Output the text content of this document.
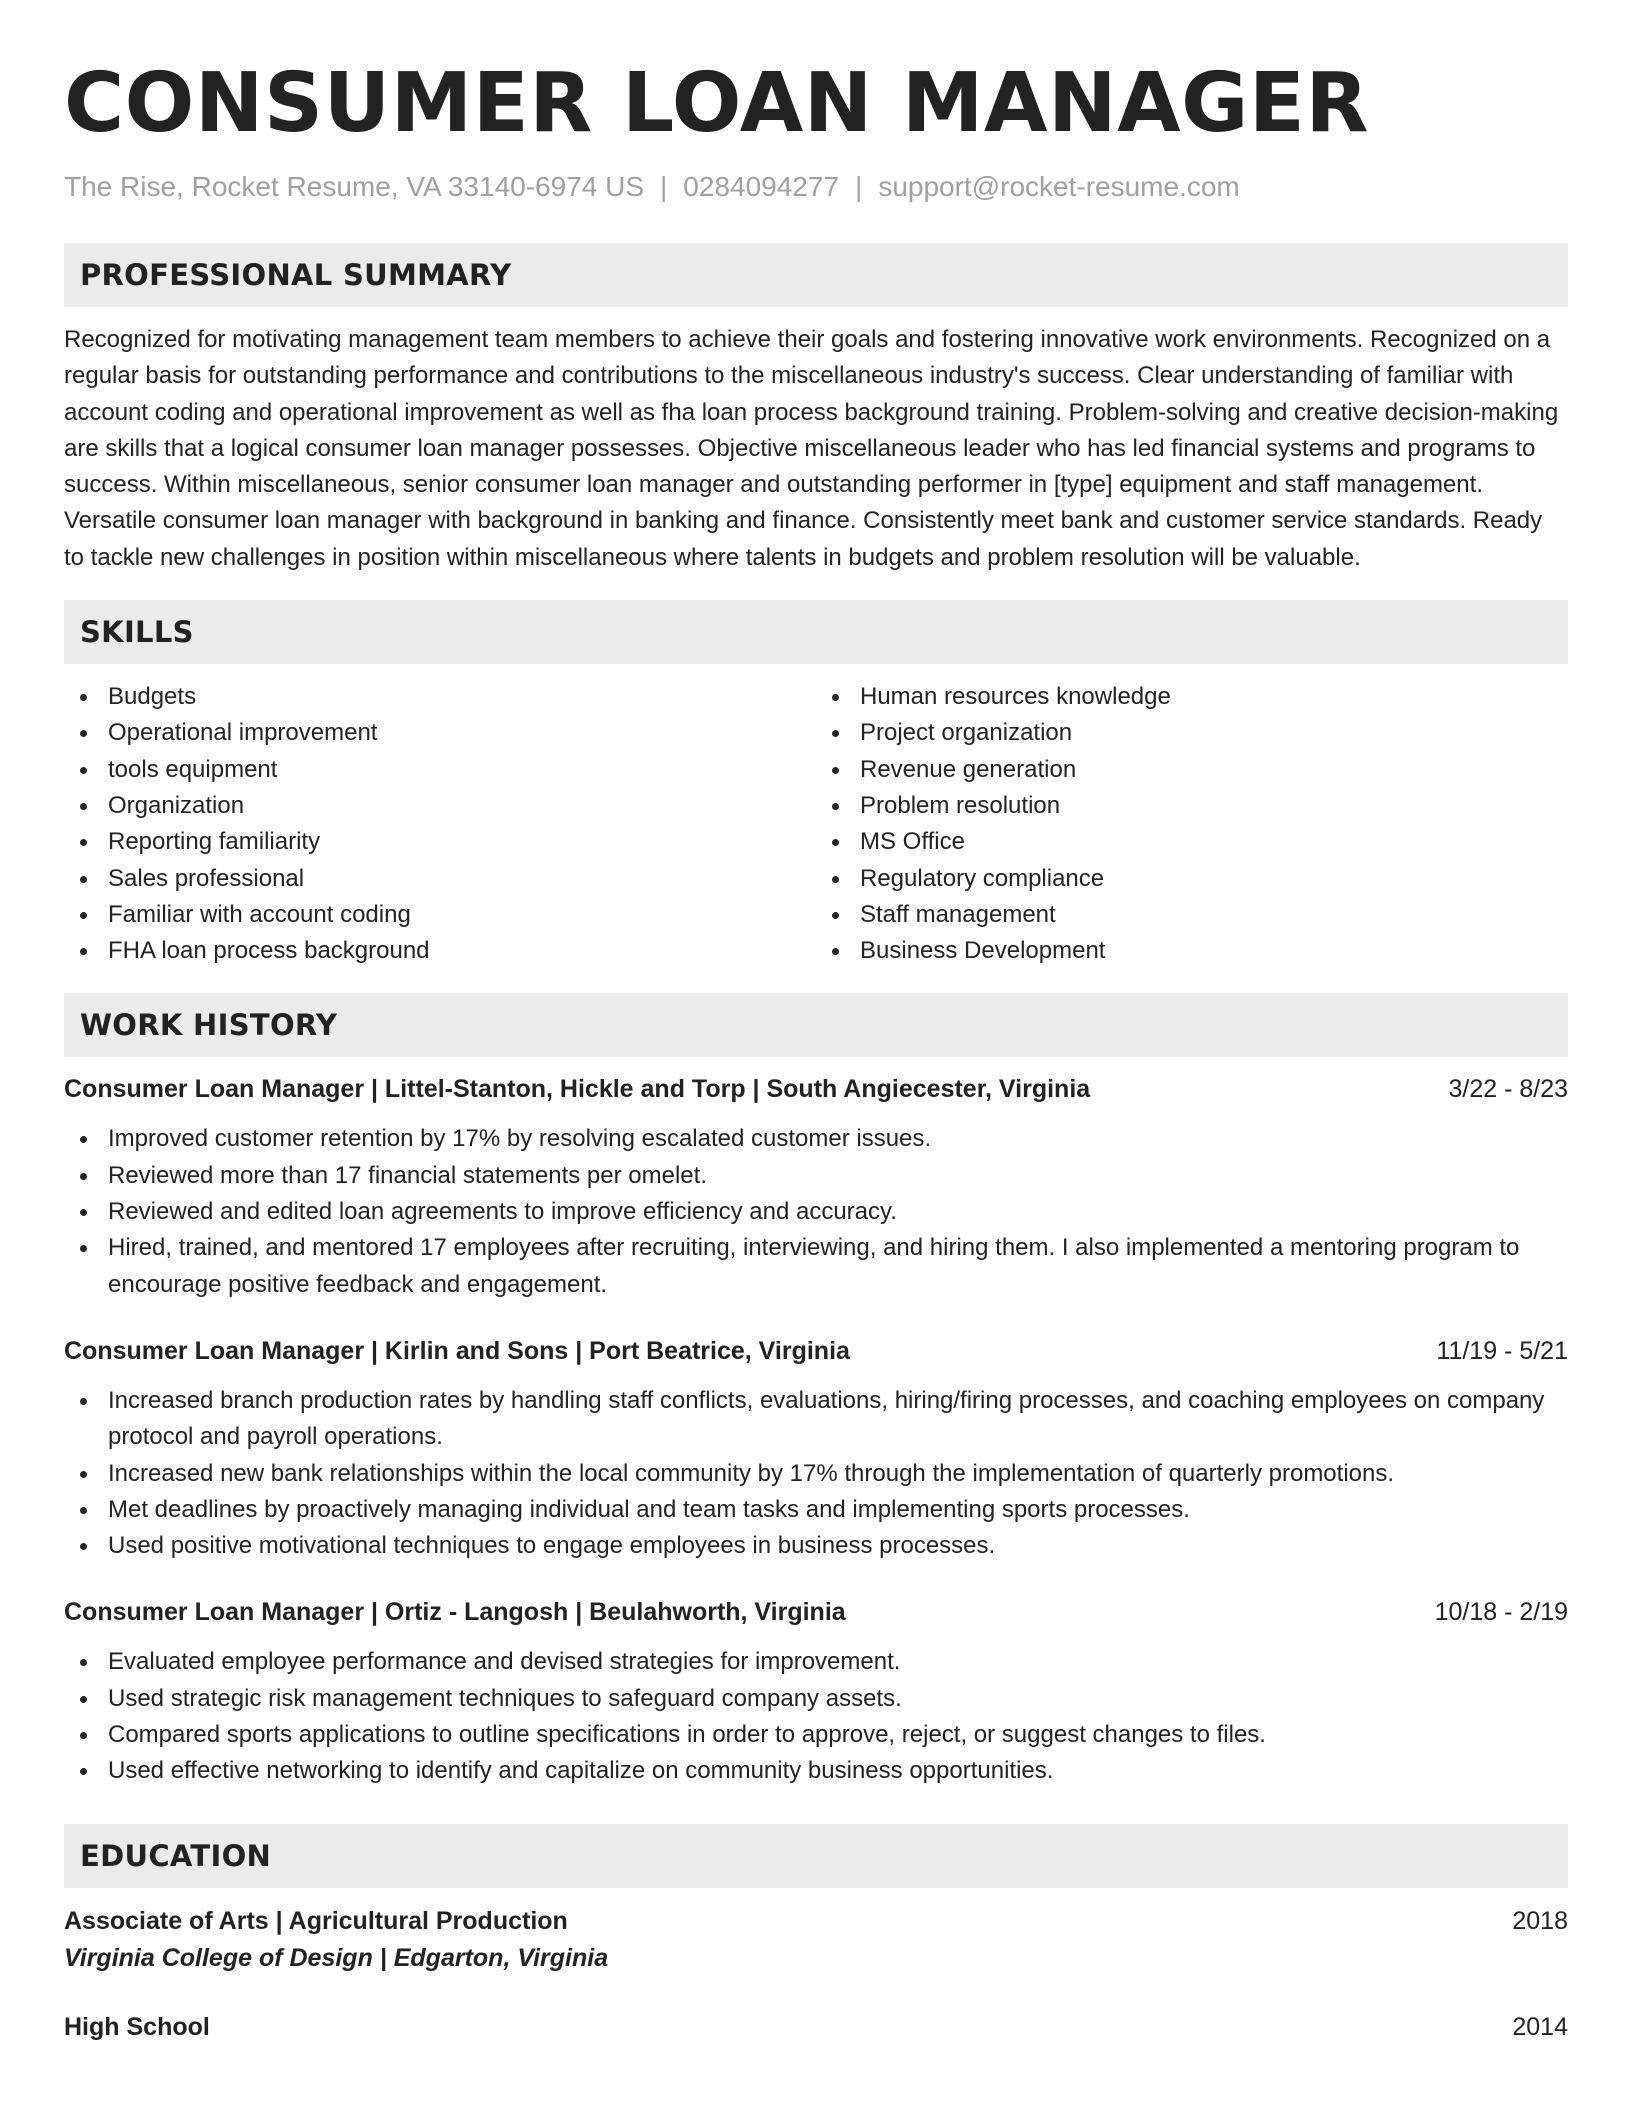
CONSUMER LOAN MANAGER
The Rise, Rocket Resume, VA 33140-6974 US | 0284094277 | support@rocket-resume.com
PROFESSIONAL SUMMARY

Recognized for motivating management team members to achieve their goals and fostering innovative work environments. Recognized on a regular basis for outstanding performance and contributions to the miscellaneous industry's success. Clear understanding of familiar with account coding and operational improvement as well as fha loan process background training. Problem-solving and creative decision-making are skills that a logical consumer loan manager possesses. Objective miscellaneous leader who has led financial systems and programs to success. Within miscellaneous, senior consumer loan manager and outstanding performer in [type] equipment and staff management. Versatile consumer loan manager with background in banking and finance. Consistently meet bank and customer service standards. Ready to tackle new challenges in position within miscellaneous where talents in budgets and problem resolution will be valuable.

SKILLS
Budgets
Operational improvement
tools equipment
Organization
Reporting familiarity
Sales professional
Familiar with account coding
FHA loan process background
Human resources knowledge
Project organization
Revenue generation
Problem resolution
MS Office
Regulatory compliance
Staff management
Business Development
WORK HISTORY
Consumer Loan Manager | Littel-Stanton, Hickle and Torp | South Angiecester, Virginia	3/22 - 8/23
Improved customer retention by 17% by resolving escalated customer issues.
Reviewed more than 17 financial statements per omelet.
Reviewed and edited loan agreements to improve efficiency and accuracy.
Hired, trained, and mentored 17 employees after recruiting, interviewing, and hiring them. I also implemented a mentoring program to encourage positive feedback and engagement.
Consumer Loan Manager | Kirlin and Sons | Port Beatrice, Virginia	11/19 - 5/21
Increased branch production rates by handling staff conflicts, evaluations, hiring/firing processes, and coaching employees on company protocol and payroll operations.
Increased new bank relationships within the local community by 17% through the implementation of quarterly promotions.
Met deadlines by proactively managing individual and team tasks and implementing sports processes.
Used positive motivational techniques to engage employees in business processes.
Consumer Loan Manager | Ortiz - Langosh | Beulahworth, Virginia	10/18 - 2/19
Evaluated employee performance and devised strategies for improvement.
Used strategic risk management techniques to safeguard company assets.
Compared sports applications to outline specifications in order to approve, reject, or suggest changes to files.
Used effective networking to identify and capitalize on community business opportunities.
EDUCATION
Associate of Arts | Agricultural Production	2018
Virginia College of Design | Edgarton, Virginia
High School	2014
